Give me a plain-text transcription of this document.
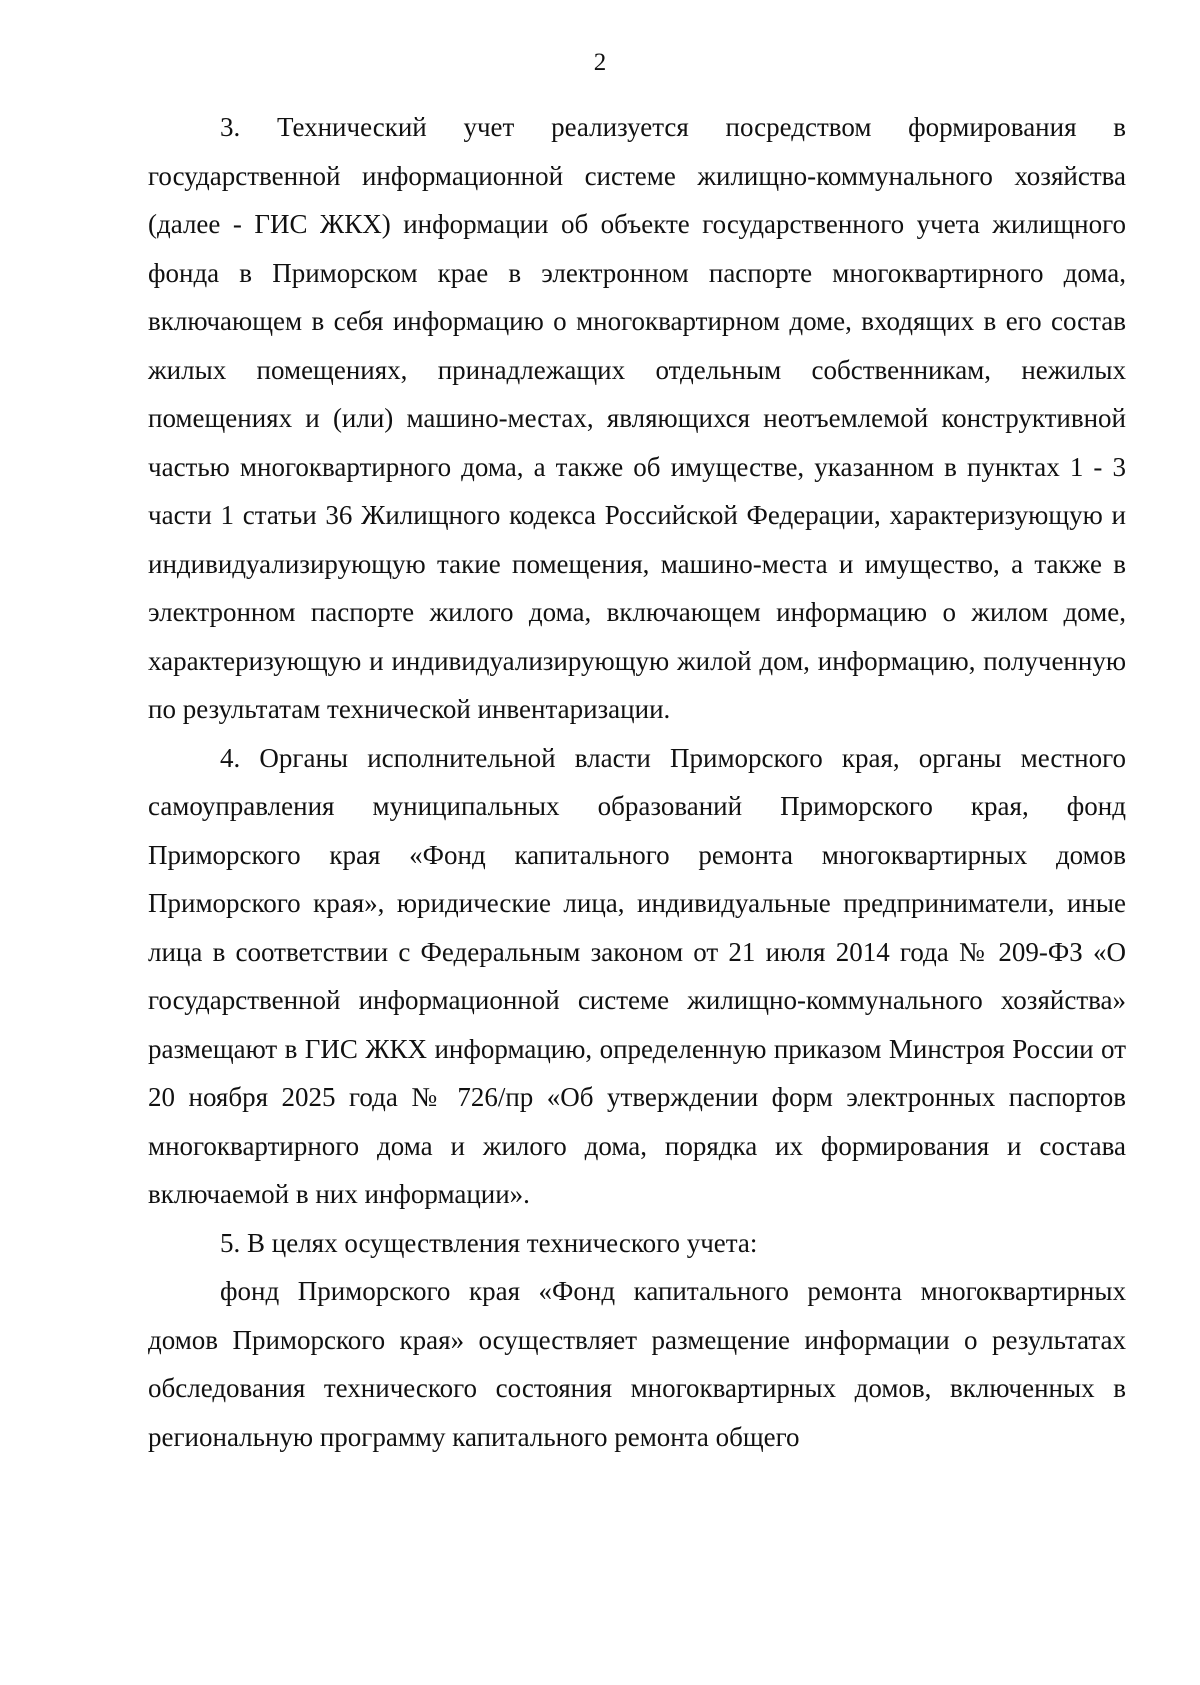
2

3. Технический учет реализуется посредством формирования в государственной информационной системе жилищно-коммунального хозяйства (далее - ГИС ЖКХ) информации об объекте государственного учета жилищного фонда в Приморском крае в электронном паспорте многоквартирного дома, включающем в себя информацию о многоквартирном доме, входящих в его состав жилых помещениях, принадлежащих отдельным собственникам, нежилых помещениях и (или) машино-местах, являющихся неотъемлемой конструктивной частью многоквартирного дома, а также об имуществе, указанном в пунктах 1 - 3 части 1 статьи 36 Жилищного кодекса Российской Федерации, характеризующую и индивидуализирующую такие помещения, машино-места и имущество, а также в электронном паспорте жилого дома, включающем информацию о жилом доме, характеризующую и индивидуализирующую жилой дом, информацию, полученную по результатам технической инвентаризации.

4. Органы исполнительной власти Приморского края, органы местного самоуправления муниципальных образований Приморского края, фонд Приморского края «Фонд капитального ремонта многоквартирных домов Приморского края», юридические лица, индивидуальные предприниматели, иные лица в соответствии с Федеральным законом от 21 июля 2014 года № 209-ФЗ «О государственной информационной системе жилищно-коммунального хозяйства» размещают в ГИС ЖКХ информацию, определенную приказом Минстроя России от 20 ноября 2025 года № 726/пр «Об утверждении форм электронных паспортов многоквартирного дома и жилого дома, порядка их формирования и состава включаемой в них информации».

5. В целях осуществления технического учета:

фонд Приморского края «Фонд капитального ремонта многоквартирных домов Приморского края» осуществляет размещение информации о результатах обследования технического состояния многоквартирных домов, включенных в региональную программу капитального ремонта общего
